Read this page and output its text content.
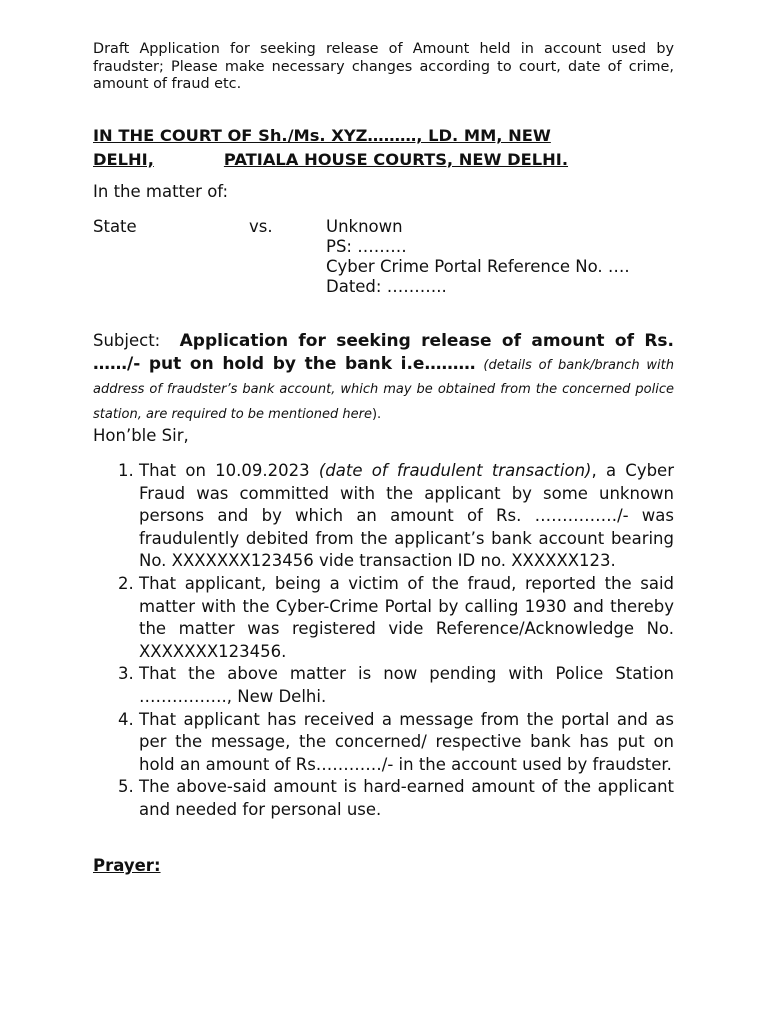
Draft Application for seeking release of Amount held in account used by fraudster; Please make necessary changes according to court, date of crime, amount of fraud etc.
IN THE COURT OF Sh./Ms. XYZ………, LD. MM, NEW
DELHI,	PATIALA HOUSE COURTS, NEW DELHI.
In the matter of:
State	vs.	Unknown
PS: ………
Cyber Crime Portal Reference No. ….
Dated: ………..
Subject: Application for seeking release of amount of Rs. ……/- put on hold by the bank i.e……… (details of bank/branch with address of fraudster’s bank account, which may be obtained from the concerned police station, are required to be mentioned here).
Hon’ble Sir,
1. That on 10.09.2023 (date of fraudulent transaction), a Cyber Fraud was committed with the applicant by some unknown persons and by which an amount of Rs. ……………/- was fraudulently debited from the applicant’s bank account bearing No. XXXXXXX123456 vide transaction ID no. XXXXXX123.
2. That applicant, being a victim of the fraud, reported the said matter with the Cyber-Crime Portal by calling 1930 and thereby the matter was registered vide Reference/Acknowledge No. XXXXXXX123456.
3. That the above matter is now pending with Police Station ……………., New Delhi.
4. That applicant has received a message from the portal and as per the message, the concerned/ respective bank has put on hold an amount of Rs…………/- in the account used by fraudster.
5. The above-said amount is hard-earned amount of the applicant and needed for personal use.
Prayer:
